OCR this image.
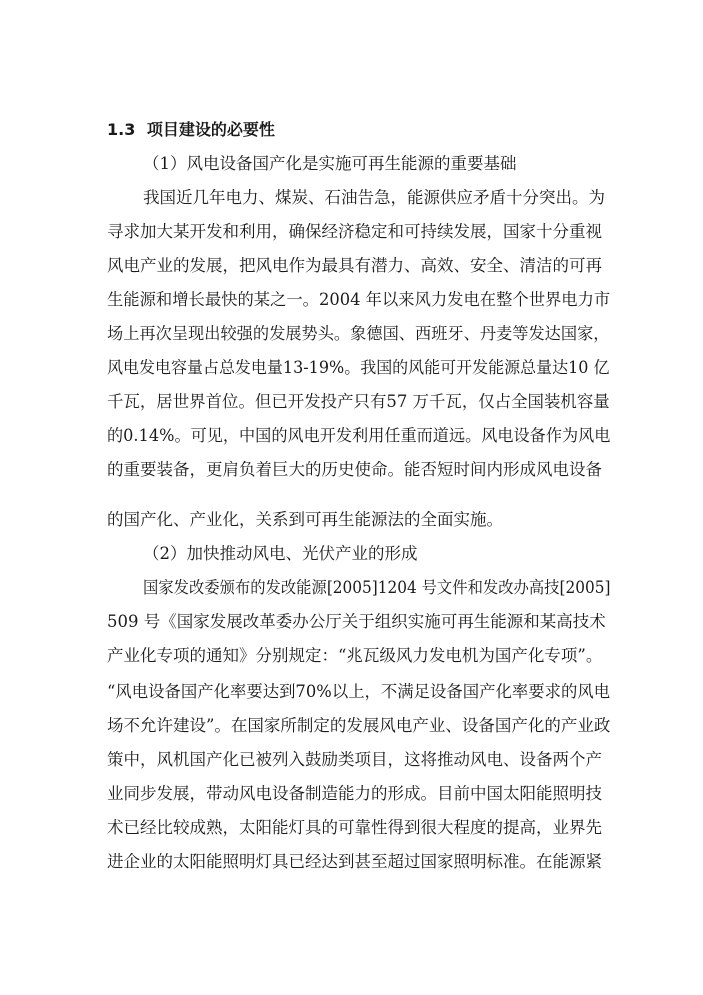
1.3 项目建设的必要性
（1）风电设备国产化是实施可再生能源的重要基础
我国近几年电力、煤炭、石油告急，能源供应矛盾十分突出。为
寻求加大某开发和利用，确保经济稳定和可持续发展，国家十分重视
风电产业的发展，把风电作为最具有潜力、高效、安全、清洁的可再
生能源和增长最快的某之一。2004 年以来风力发电在整个世界电力市
场上再次呈现出较强的发展势头。象德国、西班牙、丹麦等发达国家，
风电发电容量占总发电量13-19%。我国的风能可开发能源总量达10 亿
千瓦，居世界首位。但已开发投产只有57 万千瓦，仅占全国装机容量
的0.14%。可见，中国的风电开发利用任重而道远。风电设备作为风电
的重要装备，更肩负着巨大的历史使命。能否短时间内形成风电设备
的国产化、产业化，关系到可再生能源法的全面实施。
（2）加快推动风电、光伏产业的形成
国家发改委颁布的发改能源[2005]1204 号文件和发改办高技[2005]
509 号《国家发展改革委办公厅关于组织实施可再生能源和某高技术
产业化专项的通知》分别规定：“兆瓦级风力发电机为国产化专项”。
“风电设备国产化率要达到70%以上，不满足设备国产化率要求的风电
场不允许建设”。在国家所制定的发展风电产业、设备国产化的产业政
策中，风机国产化已被列入鼓励类项目，这将推动风电、设备两个产
业同步发展，带动风电设备制造能力的形成。目前中国太阳能照明技
术已经比较成熟，太阳能灯具的可靠性得到很大程度的提高，业界先
进企业的太阳能照明灯具已经达到甚至超过国家照明标准。在能源紧
